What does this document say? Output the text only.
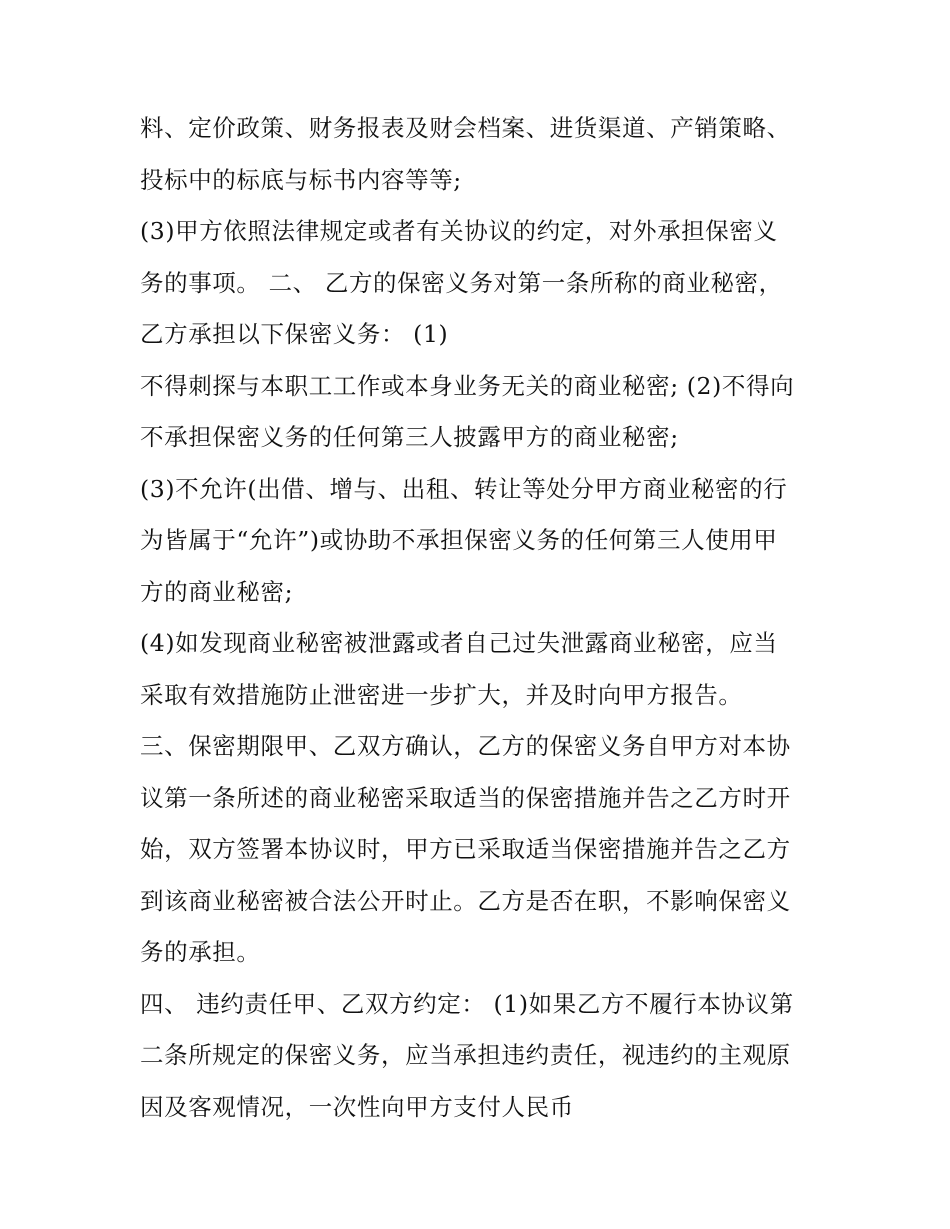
料、定价政策、财务报表及财会档案、进货渠道、产销策略、
投标中的标底与标书内容等等;
(3)甲方依照法律规定或者有关协议的约定，对外承担保密义
务的事项。 二、 乙方的保密义务对第一条所称的商业秘密，
乙方承担以下保密义务： (1)
不得刺探与本职工工作或本身业务无关的商业秘密; (2)不得向
不承担保密义务的任何第三人披露甲方的商业秘密;
(3)不允许(出借、增与、出租、转让等处分甲方商业秘密的行
为皆属于“允许”)或协助不承担保密义务的任何第三人使用甲
方的商业秘密;
(4)如发现商业秘密被泄露或者自己过失泄露商业秘密，应当
采取有效措施防止泄密进一步扩大，并及时向甲方报告。
三、保密期限甲、乙双方确认，乙方的保密义务自甲方对本协
议第一条所述的商业秘密采取适当的保密措施并告之乙方时开
始，双方签署本协议时，甲方已采取适当保密措施并告之乙方
到该商业秘密被合法公开时止。乙方是否在职，不影响保密义
务的承担。
四、 违约责任甲、乙双方约定： (1)如果乙方不履行本协议第
二条所规定的保密义务，应当承担违约责任，视违约的主观原
因及客观情况，一次性向甲方支付人民币
